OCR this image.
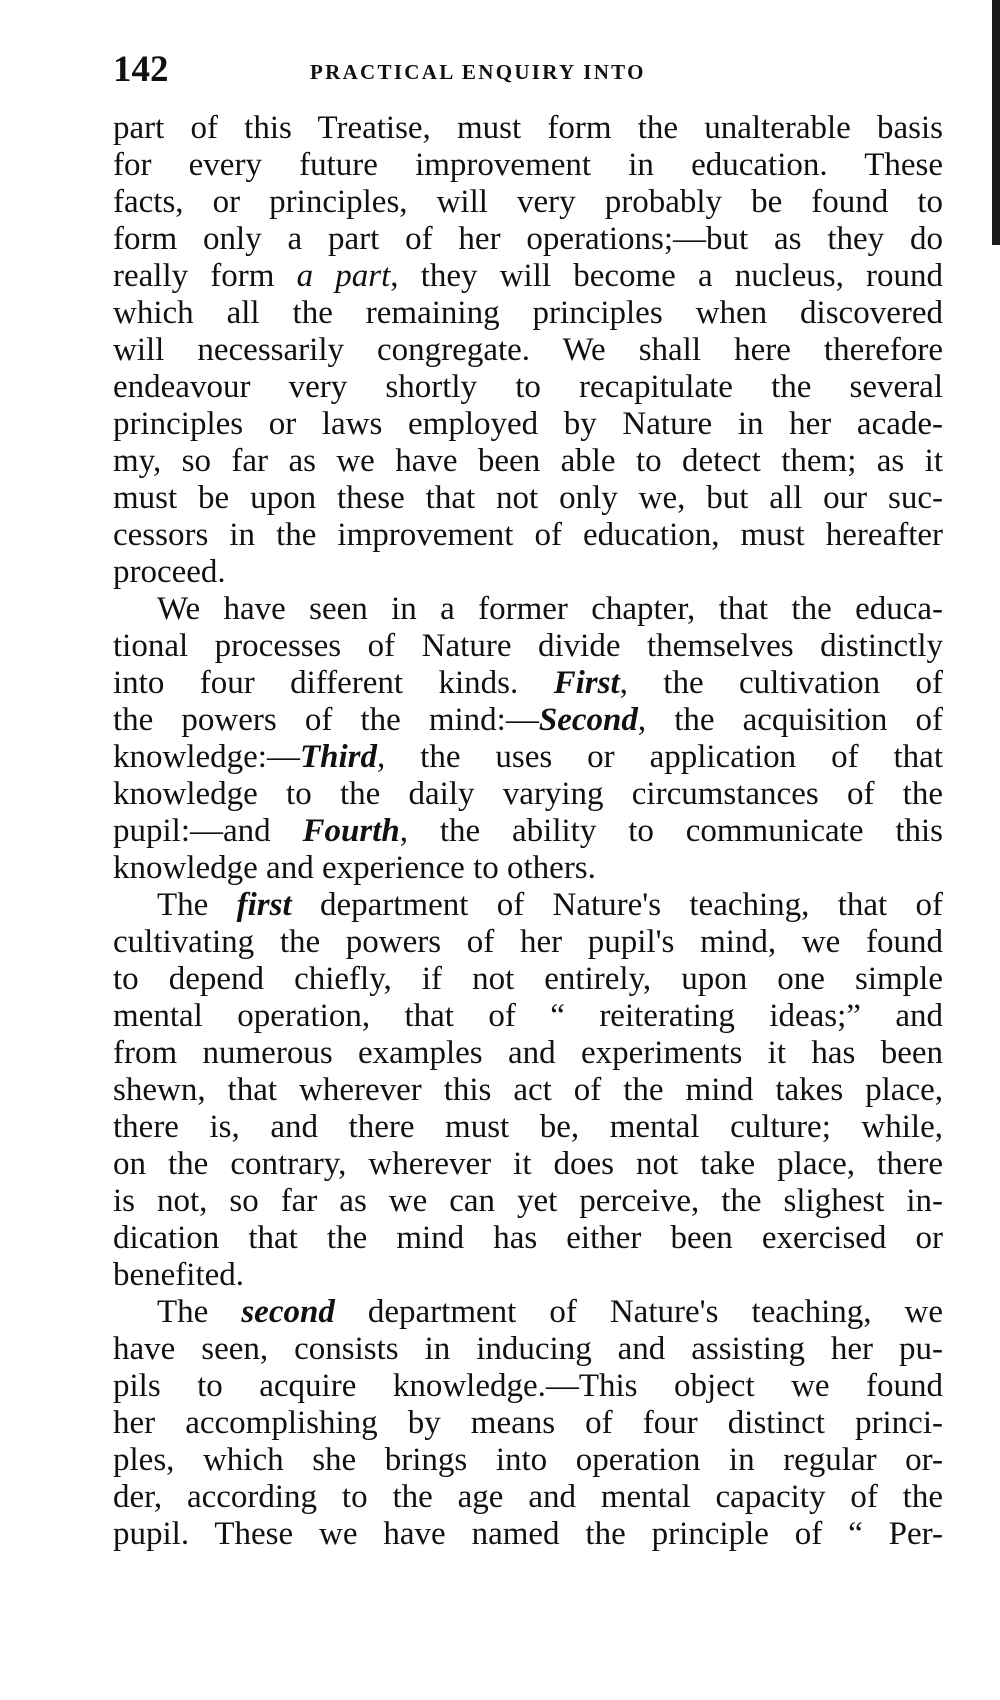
142	PRACTICAL ENQUIRY INTO
part of this Treatise, must form the unalterable basis
for every future improvement in education. These
facts, or principles, will very probably be found to
form only a part of her operations;—but as they do
really form a part, they will become a nucleus, round
which all the remaining principles when discovered
will necessarily congregate. We shall here therefore
endeavour very shortly to recapitulate the several
principles or laws employed by Nature in her acade-
my, so far as we have been able to detect them; as it
must be upon these that not only we, but all our suc-
cessors in the improvement of education, must hereafter
proceed.
We have seen in a former chapter, that the educa-
tional processes of Nature divide themselves distinctly
into four different kinds. First, the cultivation of
the powers of the mind:—Second, the acquisition of
knowledge:—Third, the uses or application of that
knowledge to the daily varying circumstances of the
pupil:—and Fourth, the ability to communicate this
knowledge and experience to others.
The first department of Nature's teaching, that of
cultivating the powers of her pupil's mind, we found
to depend chiefly, if not entirely, upon one simple
mental operation, that of “ reiterating ideas;” and
from numerous examples and experiments it has been
shewn, that wherever this act of the mind takes place,
there is, and there must be, mental culture; while,
on the contrary, wherever it does not take place, there
is not, so far as we can yet perceive, the slighest in-
dication that the mind has either been exercised or
benefited.
The second department of Nature's teaching, we
have seen, consists in inducing and assisting her pu-
pils to acquire knowledge.—This object we found
her accomplishing by means of four distinct princi-
ples, which she brings into operation in regular or-
der, according to the age and mental capacity of the
pupil. These we have named the principle of “ Per-
